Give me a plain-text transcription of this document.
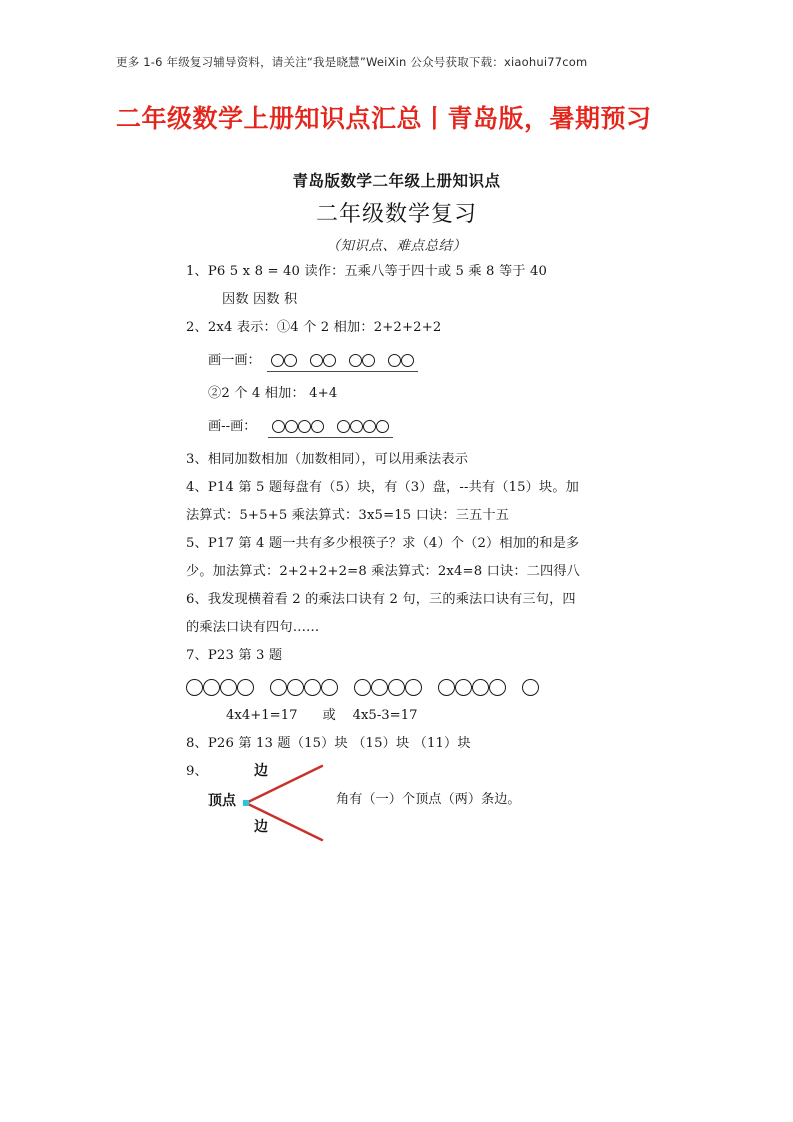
更多 1-6 年级复习辅导资料，请关注“我是晓慧”WeiXin 公众号获取下载：xiaohui77com
二年级数学上册知识点汇总丨青岛版，暑期预习
青岛版数学二年级上册知识点
二年级数学复习
（知识点、难点总结）
1、P6 5 x 8 = 40 读作：五乘八等于四十或 5 乘 8 等于 40
因数 因数 积
2、2x4 表示：①4 个 2 相加：2+2+2+2
画一画：
②2 个 4 相加： 4+4
画--画：
3、相同加数相加（加数相同），可以用乘法表示
4、P14 第 5 题每盘有（5）块，有（3）盘，--共有（15）块。加
法算式：5+5+5 乘法算式：3x5=15 口诀：三五十五
5、P17 第 4 题一共有多少根筷子？求（4）个（2）相加的和是多
少。加法算式：2+2+2+2=8 乘法算式：2x4=8 口诀：二四得八
6、我发现横着看 2 的乘法口诀有 2 句，三的乘法口诀有三句，四
的乘法口诀有四句……
7、P23 第 3 题
4x4+1=17      或    4x5-3=17
8、P26 第 13 题（15）块 （15）块 （11）块
9、
顶点
边
边
角有（一）个顶点（两）条边。
